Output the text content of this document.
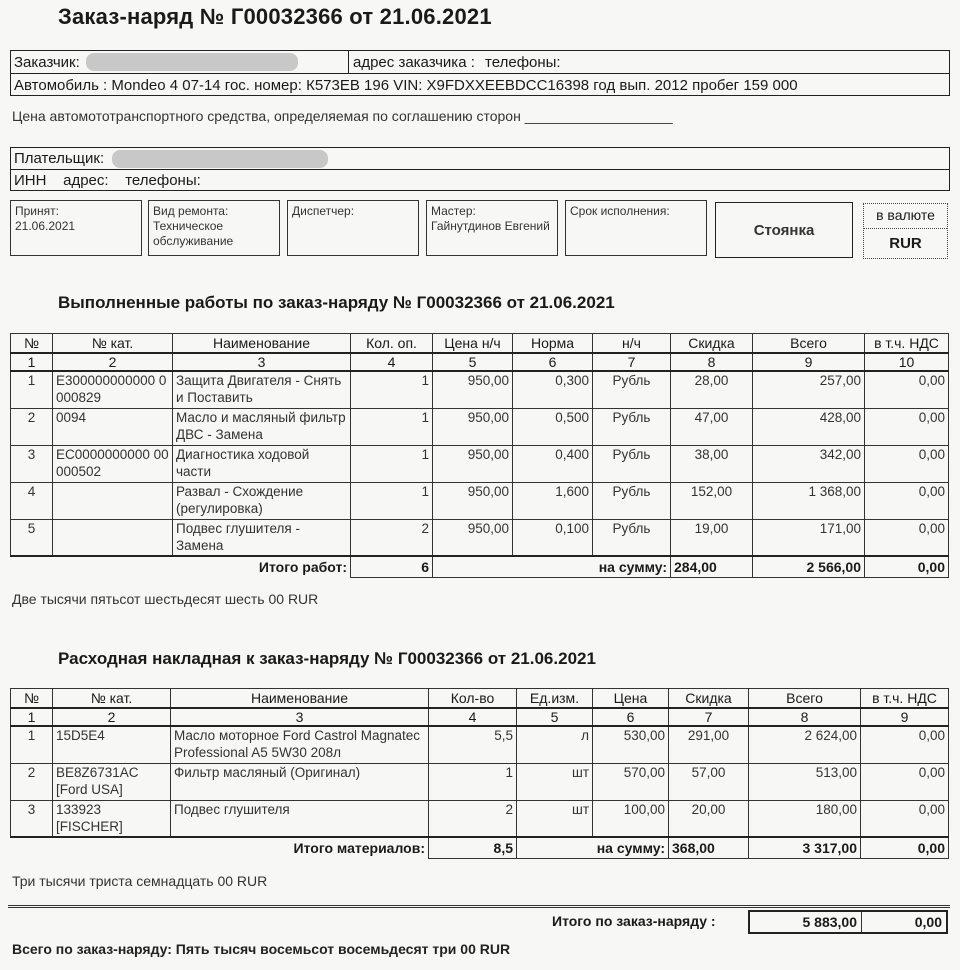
Заказ-наряд № Г00032366 от 21.06.2021
Заказчик:	адрес заказчика : телефоны:
Автомобиль : Mondeo 4 07-14 гос. номер: К573ЕВ 196 VIN: X9FDXXEEBDCC16398 год вып. 2012 пробег 159 000
Цена автомототранспортного средства, определяемая по соглашению сторон ___________________
Плательщик:
ИНН    адрес:    телефоны:
Принят:
21.06.2021
Вид ремонта:
Техническое обслуживание
Диспетчер:	Мастер:
Гайнутдинов Евгений
Срок исполнения:
Стоянка
в валюте
RUR
Выполненные работы по заказ-наряду № Г00032366 от 21.06.2021
№	№ кат.	Наименование	Кол. оп.	Цена н/ч	Норма	н/ч	Скидка	Всего	в т.ч. НДС
1	2	3	4	5	6	7	8	9	10
1	Е300000000000 0000829	Защита Двигателя - Снять и Поставить	1	950,00	0,300	Рубль	28,00	257,00	0,00
2	0094	Масло и масляный фильтр ДВС - Замена	1	950,00	0,500	Рубль	47,00	428,00	0,00
3	ЕС0000000000 00000502	Диагностика ходовой части	1	950,00	0,400	Рубль	38,00	342,00	0,00
4		Развал - Схождение (регулировка)	1	950,00	1,600	Рубль	152,00	1 368,00	0,00
5		Подвес глушителя - Замена	2	950,00	0,100	Рубль	19,00	171,00	0,00
Итого работ:			6	на сумму:			284,00	2 566,00	0,00
Две тысячи пятьсот шестьдесят шесть 00 RUR
Расходная накладная к заказ-наряду № Г00032366 от 21.06.2021
№	№ кат.	Наименование	Кол-во	Ед.изм.	Цена	Скидка	Всего	в т.ч. НДС
1	2	3	4	5	6	7	8	9
1	15D5E4	Масло моторное Ford Castrol Magnatec Professional A5 5W30 208л	5,5	л	530,00	291,00	2 624,00	0,00
2	BE8Z6731AC [Ford USA]	Фильтр масляный (Оригинал)	1	шт	570,00	57,00	513,00	0,00
3	133923 [FISCHER]	Подвес глушителя	2	шт	100,00	20,00	180,00	0,00
Итого материалов:			8,5	на сумму:		368,00	3 317,00	0,00
Три тысячи триста семнадцать 00 RUR
Итого по заказ-наряду :	5 883,00	0,00
Всего по заказ-наряду: Пять тысяч восемьсот восемьдесят три 00 RUR
